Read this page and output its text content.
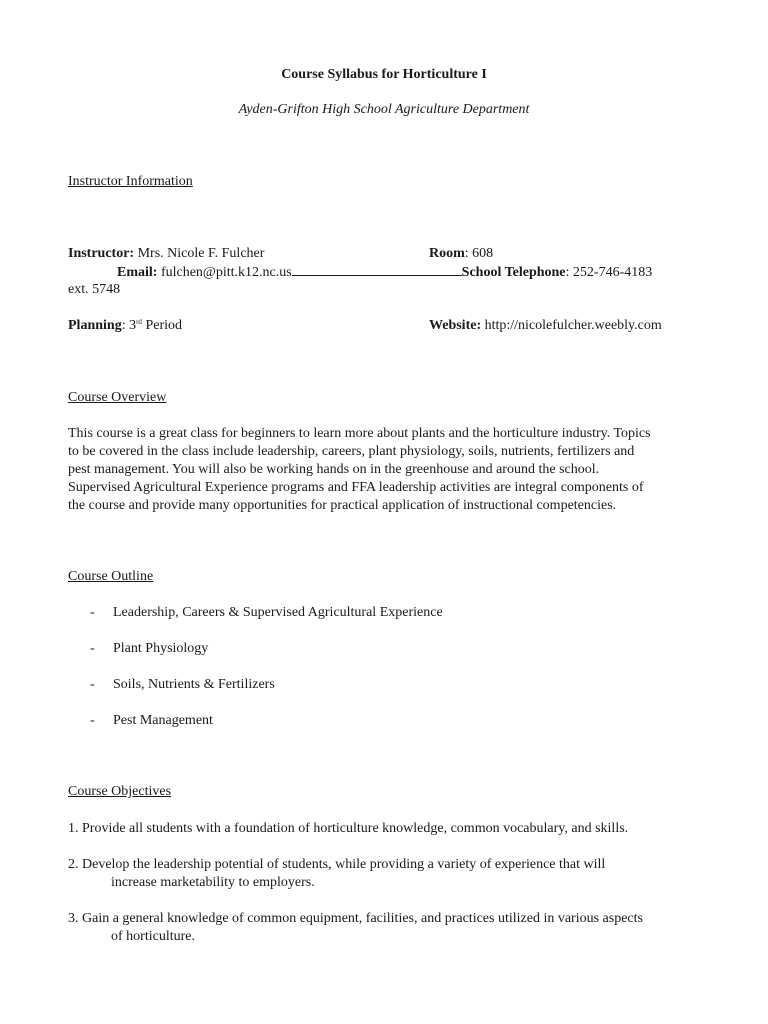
Course Syllabus for Horticulture I
Ayden-Grifton High School Agriculture Department
Instructor Information
Instructor: Mrs. Nicole F. Fulcher	Room: 608
Email: fulchen@pitt.k12.nc.us	School Telephone: 252-746-4183
ext. 5748
Planning: 3rd Period	Website: http://nicolefulcher.weebly.com
Course Overview
This course is a great class for beginners to learn more about plants and the horticulture industry. Topics
to be covered in the class include leadership, careers, plant physiology, soils, nutrients, fertilizers and
pest management. You will also be working hands on in the greenhouse and around the school.
Supervised Agricultural Experience programs and FFA leadership activities are integral components of
the course and provide many opportunities for practical application of instructional competencies.
Course Outline
- Leadership, Careers & Supervised Agricultural Experience
- Plant Physiology
- Soils, Nutrients & Fertilizers
- Pest Management
Course Objectives
1. Provide all students with a foundation of horticulture knowledge, common vocabulary, and skills.
2. Develop the leadership potential of students, while providing a variety of experience that will
increase marketability to employers.
3. Gain a general knowledge of common equipment, facilities, and practices utilized in various aspects
of horticulture.
